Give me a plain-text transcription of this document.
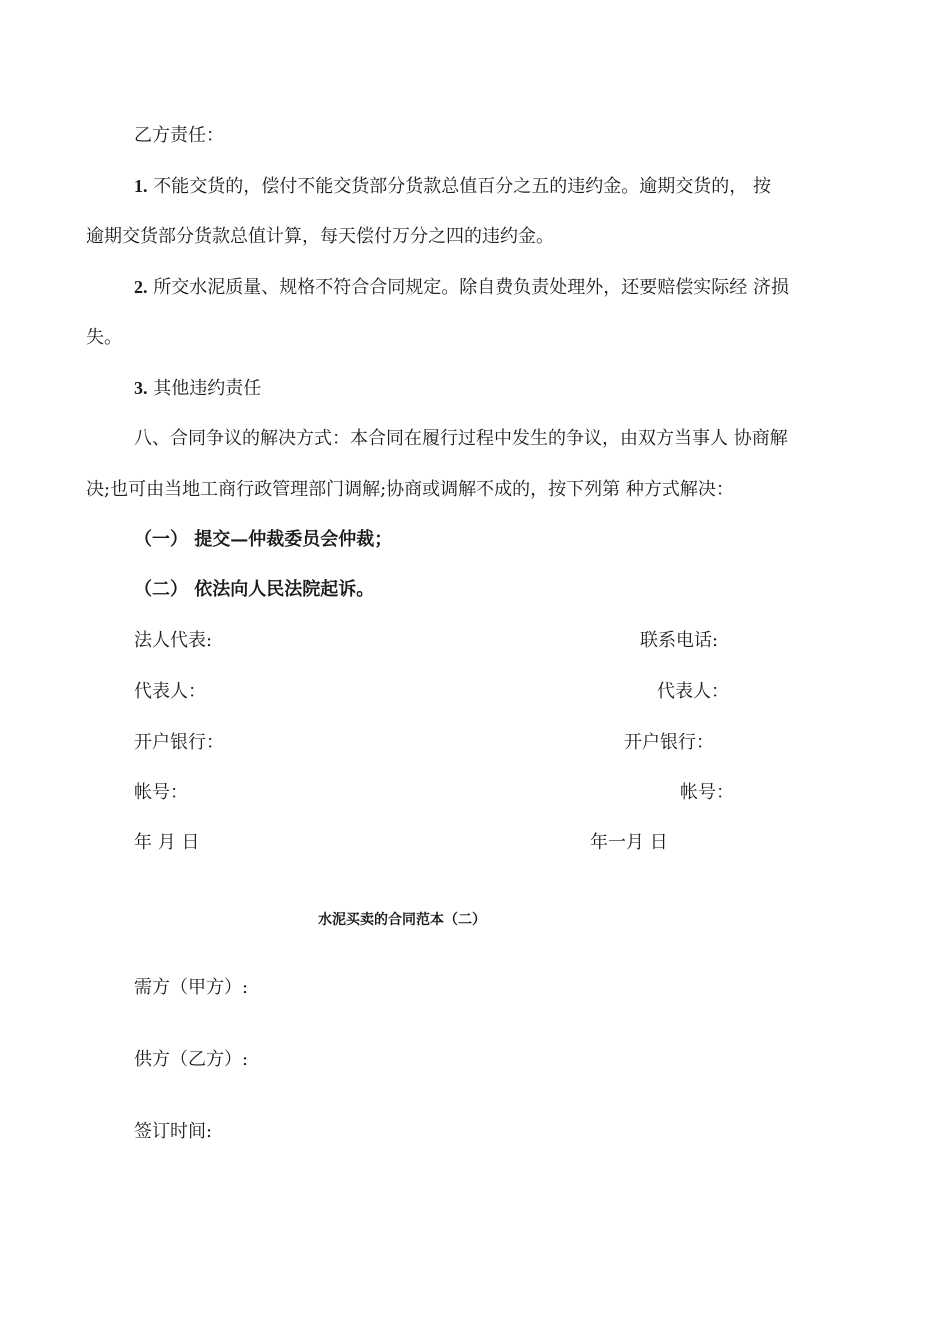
乙方责任：
1. 不能交货的，偿付不能交货部分货款总值百分之五的违约金。逾期交货的， 按
逾期交货部分货款总值计算，每天偿付万分之四的违约金。
2. 所交水泥质量、规格不符合合同规定。除自费负责处理外，还要赔偿实际经 济损
失。
3. 其他违约责任
八、合同争议的解决方式：本合同在履行过程中发生的争议，由双方当事人 协商解
决;也可由当地工商行政管理部门调解;协商或调解不成的，按下列第 种方式解决：
（一） 提交—仲裁委员会仲裁；
（二） 依法向人民法院起诉。
法人代表:	联系电话:
代表人：	代表人：
开户银行：	开户银行：
帐号：	帐号：
年 月 日	年一月 日
水泥买卖的合同范本（二）
需方（甲方）:
供方（乙方）:
签订时间:
